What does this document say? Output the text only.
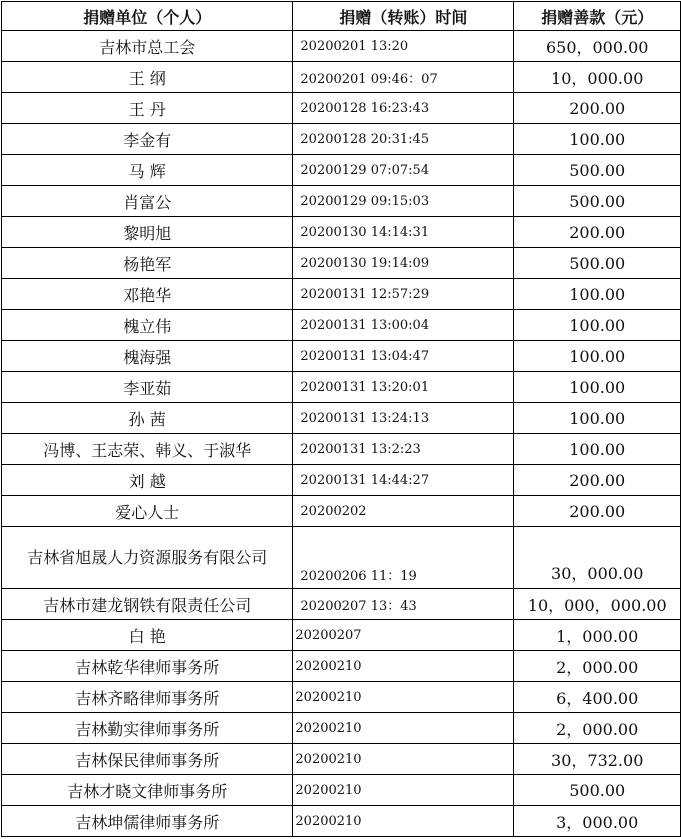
捐赠单位（个人）	捐赠（转账）时间	捐赠善款（元）
吉林市总工会	20200201 13:20	650，000.00
王 纲	20200201 09:46：07	10，000.00
王 丹	20200128 16:23:43	200.00
李金有	20200128 20:31:45	100.00
马 辉	20200129 07:07:54	500.00
肖富公	20200129 09:15:03	500.00
黎明旭	20200130 14:14:31	200.00
杨艳军	20200130 19:14:09	500.00
邓艳华	20200131 12:57:29	100.00
槐立伟	20200131 13:00:04	100.00
槐海强	20200131 13:04:47	100.00
李亚茹	20200131 13:20:01	100.00
孙 茜	20200131 13:24:13	100.00
冯博、王志荣、韩义、于淑华	20200131 13:2:23	100.00
刘 越	20200131 14:44:27	200.00
爱心人士	20200202	200.00
吉林省旭晟人力资源服务有限公司	20200206 11：19	30，000.00
吉林市建龙钢铁有限责任公司	20200207 13：43	10，000，000.00
白 艳	20200207	1，000.00
吉林乾华律师事务所	20200210	2，000.00
吉林齐略律师事务所	20200210	6，400.00
吉林勤实律师事务所	20200210	2，000.00
吉林保民律师事务所	20200210	30，732.00
吉林才晓文律师事务所	20200210	500.00
吉林坤儒律师事务所	20200210	3，000.00
